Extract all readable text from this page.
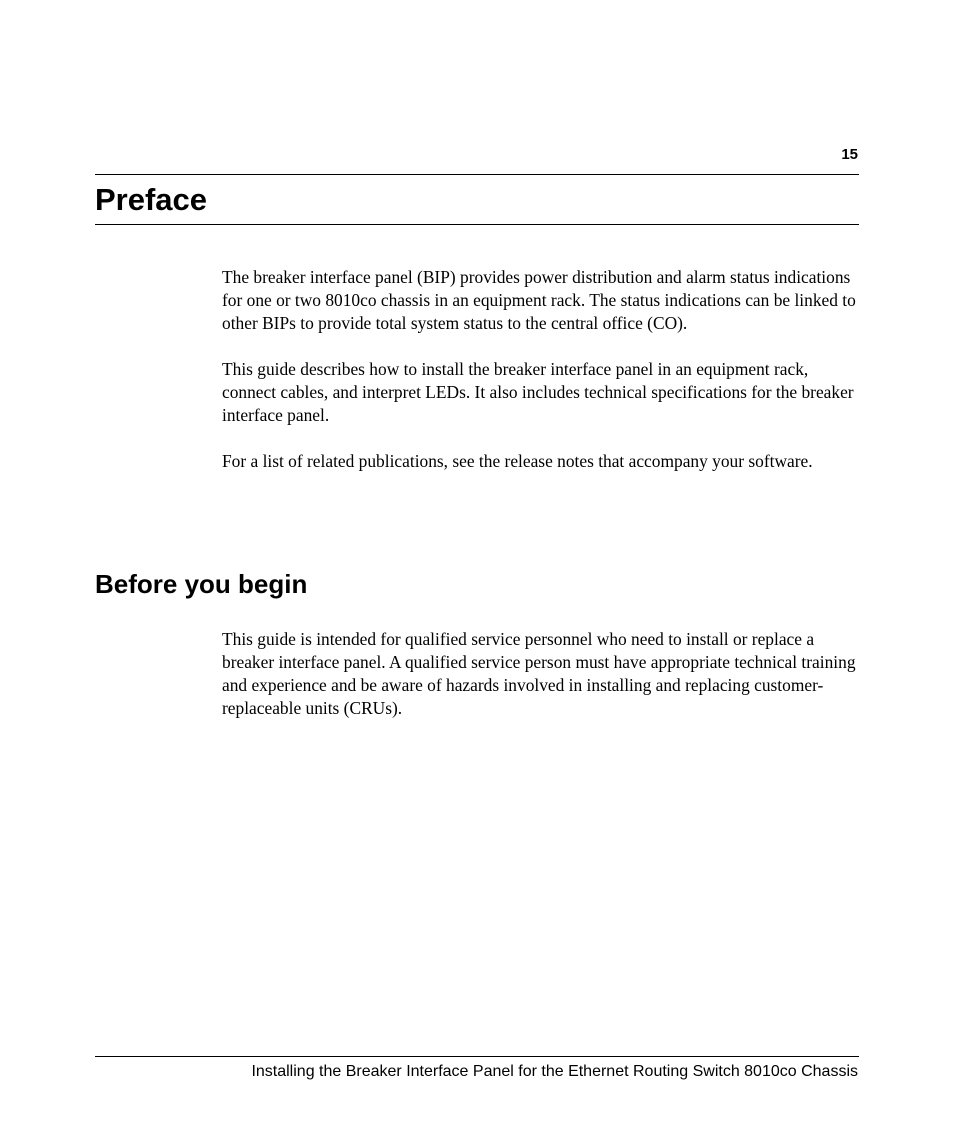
15
Preface

The breaker interface panel (BIP) provides power distribution and alarm status indications for one or two 8010co chassis in an equipment rack. The status indications can be linked to other BIPs to provide total system status to the central office (CO).

This guide describes how to install the breaker interface panel in an equipment rack, connect cables, and interpret LEDs. It also includes technical specifications for the breaker interface panel.

For a list of related publications, see the release notes that accompany your software.

Before you begin

This guide is intended for qualified service personnel who need to install or replace a breaker interface panel. A qualified service person must have appropriate technical training and experience and be aware of hazards involved in installing and replacing customer-replaceable units (CRUs).

Installing the Breaker Interface Panel for the Ethernet Routing Switch 8010co Chassis
